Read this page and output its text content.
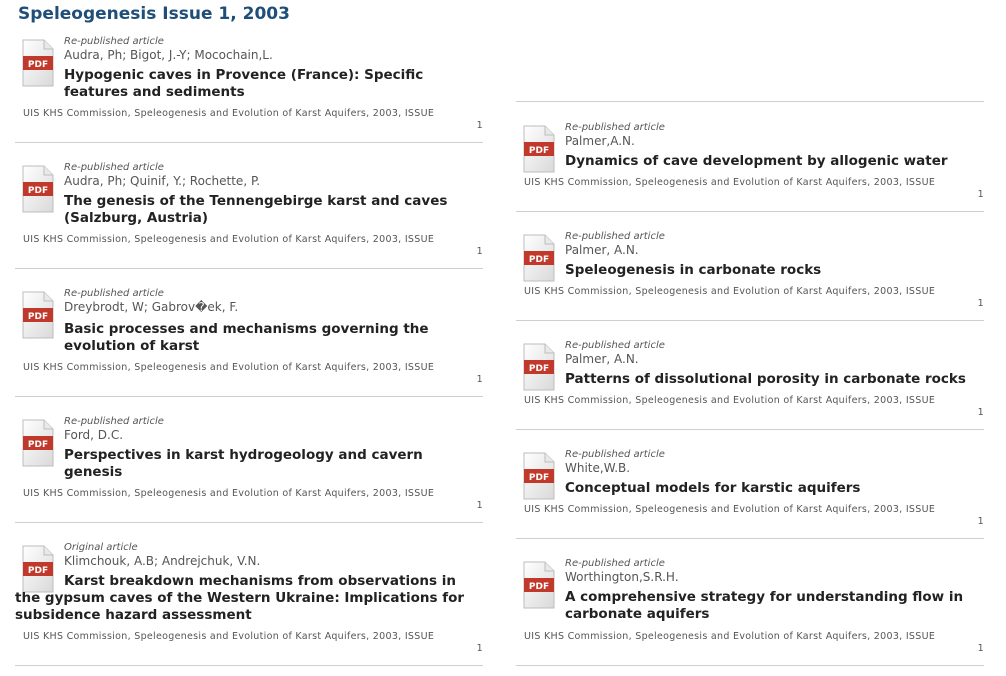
Speleogenesis Issue 1, 2003
PDF
Re-published article
Audra, Ph; Bigot, J.-Y; Mocochain,L.
Hypogenic caves in Provence (France): Specific features and sediments
UIS KHS Commission, Speleogenesis and Evolution of Karst Aquifers, 2003, ISSUE
1
PDF
Re-published article
Audra, Ph; Quinif, Y.; Rochette, P.
The genesis of the Tennengebirge karst and caves (Salzburg, Austria)
UIS KHS Commission, Speleogenesis and Evolution of Karst Aquifers, 2003, ISSUE
1
PDF
Re-published article
Dreybrodt, W; Gabrov�ek, F.
Basic processes and mechanisms governing the evolution of karst
UIS KHS Commission, Speleogenesis and Evolution of Karst Aquifers, 2003, ISSUE
1
PDF
Re-published article
Ford, D.C.
Perspectives in karst hydrogeology and cavern genesis
UIS KHS Commission, Speleogenesis and Evolution of Karst Aquifers, 2003, ISSUE
1
PDF
Original article
Klimchouk, A.B; Andrejchuk, V.N.
Karst breakdown mechanisms from observations in the gypsum caves of the Western Ukraine: Implications for subsidence hazard assessment
UIS KHS Commission, Speleogenesis and Evolution of Karst Aquifers, 2003, ISSUE
1
PDF
Re-published article
Palmer,A.N.
Dynamics of cave development by allogenic water
UIS KHS Commission, Speleogenesis and Evolution of Karst Aquifers, 2003, ISSUE
1
PDF
Re-published article
Palmer, A.N.
Speleogenesis in carbonate rocks
UIS KHS Commission, Speleogenesis and Evolution of Karst Aquifers, 2003, ISSUE
1
PDF
Re-published article
Palmer, A.N.
Patterns of dissolutional porosity in carbonate rocks
UIS KHS Commission, Speleogenesis and Evolution of Karst Aquifers, 2003, ISSUE
1
PDF
Re-published article
White,W.B.
Conceptual models for karstic aquifers
UIS KHS Commission, Speleogenesis and Evolution of Karst Aquifers, 2003, ISSUE
1
PDF
Re-published article
Worthington,S.R.H.
A comprehensive strategy for understanding flow in carbonate aquifers
UIS KHS Commission, Speleogenesis and Evolution of Karst Aquifers, 2003, ISSUE
1
